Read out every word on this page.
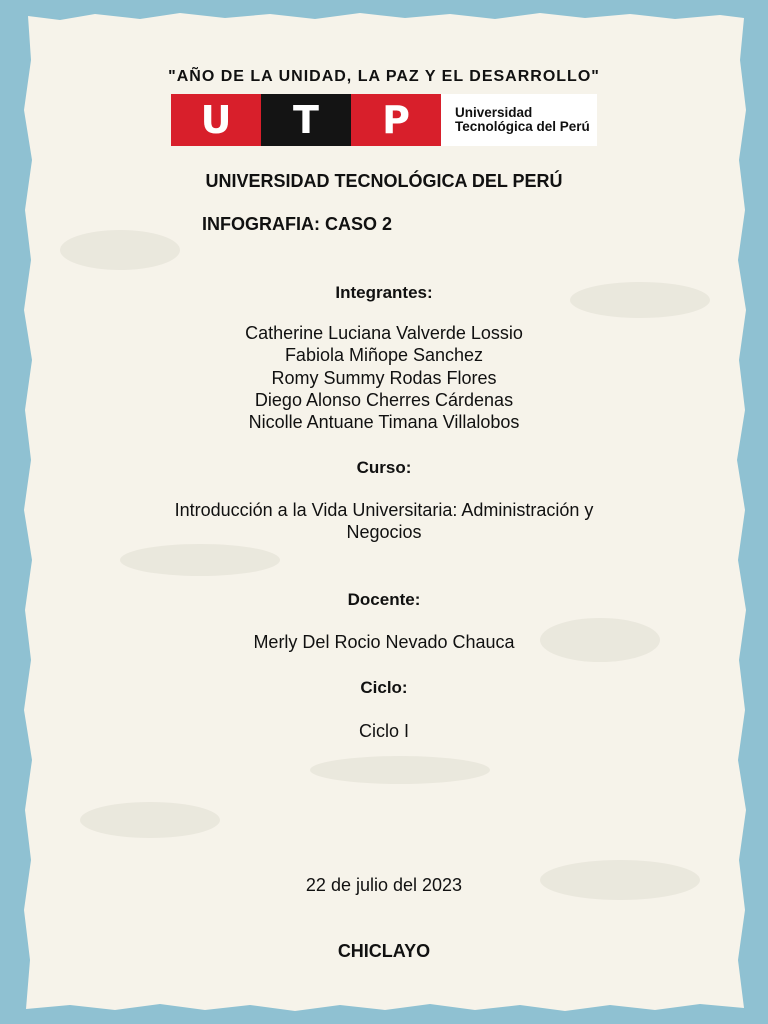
"AÑO DE LA UNIDAD, LA PAZ Y EL DESARROLLO"

U	T	P	Universidad Tecnológica del Perú

UNIVERSIDAD TECNOLÓGICA DEL PERÚ

INFOGRAFIA: CASO 2

Integrantes:

Catherine Luciana Valverde Lossio
Fabiola Miñope Sanchez
Romy Summy Rodas Flores
Diego Alonso Cherres Cárdenas
Nicolle Antuane Timana Villalobos

Curso:

Introducción a la Vida Universitaria: Administración y
Negocios

Docente:

Merly Del Rocio Nevado Chauca

Ciclo:

Ciclo I

22 de julio del 2023

CHICLAYO
